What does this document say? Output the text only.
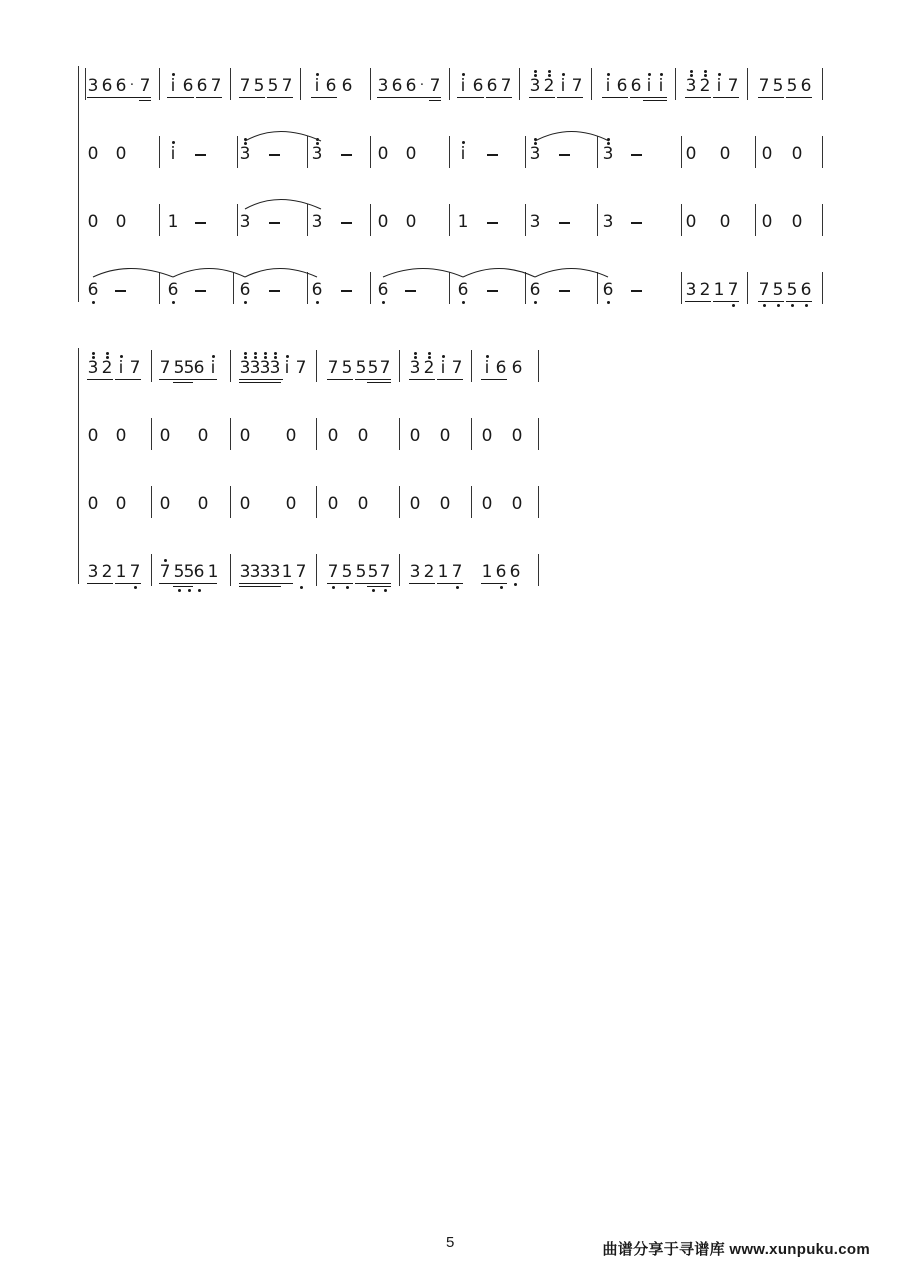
3 6 6 · 7 i 6 6 7 7 5 5 7 i 6 6 3 6 6 · 7 i 6 6 7 3 2 i 7 i 6 6 i i 3 2 i 7 7 5 5 6
0 0	i	3	3	0 0	i	3	3	0 0 0 0
0 0 1	3	3	0 0 1	3	3	0 0 0 0
6	6	6	6	6	6	6	6	3 2 1 7 7 5 5 6
3 2 i 7 7 5 5 6 i 3 3 3 3 i 7 7 5 5 5 7 3 2 i 7 i 6 6
0 0 0 0 0 0 0 0 0 0 0 0
0 0 0 0 0 0 0 0 0 0 0 0
3 2 1 7 7 5 5 6 1 3 3 3 3 1 7 7 5 5 5 7 3 2 1 7 1 6 6
5	曲谱分享于寻谱库 www.xunpuku.com
